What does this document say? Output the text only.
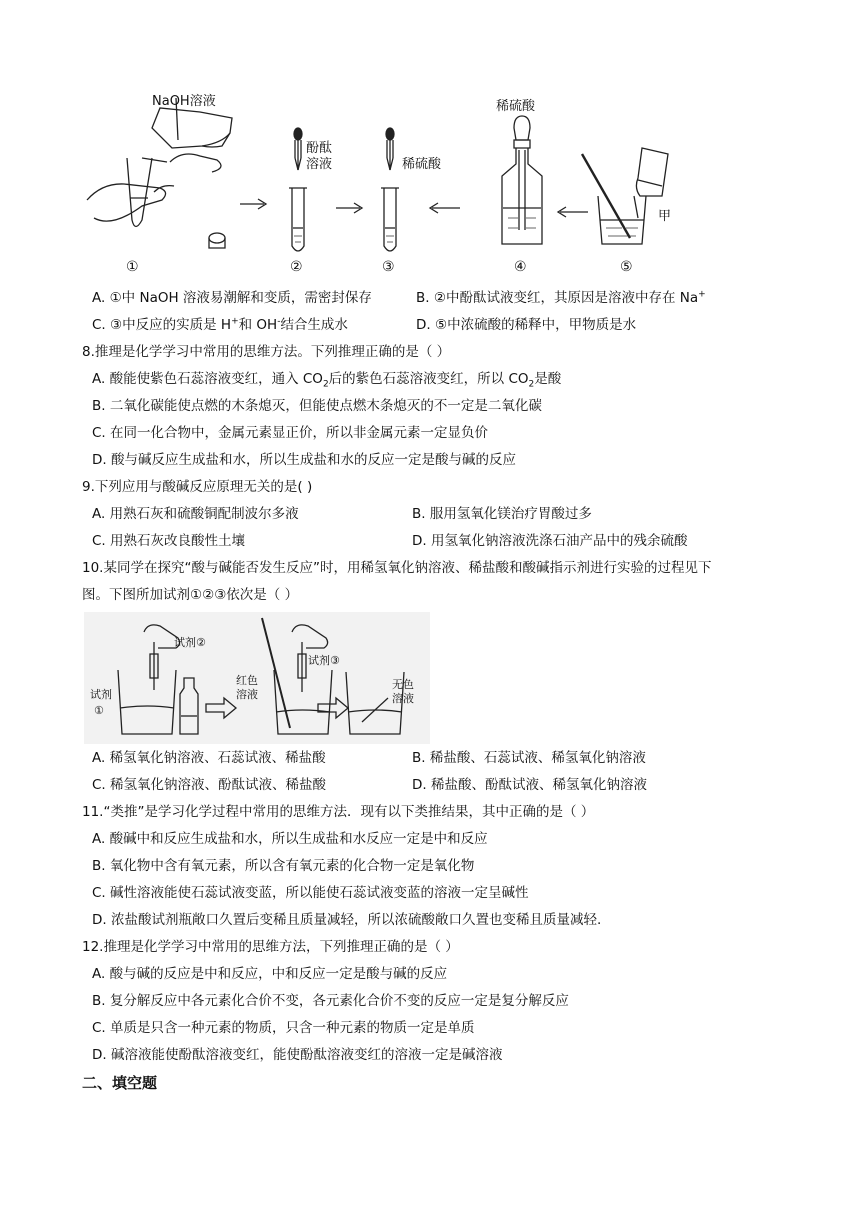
NaOH溶液
酚酞
溶液	稀硫酸
稀硫酸
甲
①	②	③	④	⑤
A. ①中 NaOH 溶液易潮解和变质，需密封保存	B. ②中酚酞试液变红，其原因是溶液中存在 Na+
C. ③中反应的实质是 H+和 OH-结合生成水	D. ⑤中浓硫酸的稀释中，甲物质是水
8.推理是化学学习中常用的思维方法。下列推理正确的是（ ）
A. 酸能使紫色石蕊溶液变红，通入 $CO_2$后的紫色石蕊溶液变红，所以 $CO_2$是酸
B. 二氧化碳能使点燃的木条熄灭，但能使点燃木条熄灭的不一定是二氧化碳
C. 在同一化合物中，金属元素显正价，所以非金属元素一定显负价
D. 酸与碱反应生成盐和水，所以生成盐和水的反应一定是酸与碱的反应
9.下列应用与酸碱反应原理无关的是( )
A. 用熟石灰和硫酸铜配制波尔多液	B. 服用氢氧化镁治疗胃酸过多
C. 用熟石灰改良酸性土壤	D. 用氢氧化钠溶液洗涤石油产品中的残余硫酸
10.某同学在探究“酸与碱能否发生反应”时，用稀氢氧化钠溶液、稀盐酸和酸碱指示剂进行实验的过程见下
图。下图所加试剂①②③依次是（ ）
试剂
①
试剂②
红色
溶液
试剂③
无色
溶液
A. 稀氢氧化钠溶液、石蕊试液、稀盐酸	B. 稀盐酸、石蕊试液、稀氢氧化钠溶液
C. 稀氢氧化钠溶液、酚酞试液、稀盐酸	D. 稀盐酸、酚酞试液、稀氢氧化钠溶液
11.“类推”是学习化学过程中常用的思维方法．现有以下类推结果，其中正确的是（ ）
A. 酸碱中和反应生成盐和水，所以生成盐和水反应一定是中和反应
B. 氧化物中含有氧元素，所以含有氧元素的化合物一定是氧化物
C. 碱性溶液能使石蕊试液变蓝，所以能使石蕊试液变蓝的溶液一定呈碱性
D. 浓盐酸试剂瓶敞口久置后变稀且质量减轻，所以浓硫酸敞口久置也变稀且质量减轻.
12.推理是化学学习中常用的思维方法，下列推理正确的是（ ）
A. 酸与碱的反应是中和反应，中和反应一定是酸与碱的反应
B. 复分解反应中各元素化合价不变，各元素化合价不变的反应一定是复分解反应
C. 单质是只含一种元素的物质，只含一种元素的物质一定是单质
D. 碱溶液能使酚酞溶液变红，能使酚酞溶液变红的溶液一定是碱溶液
二、填空题
